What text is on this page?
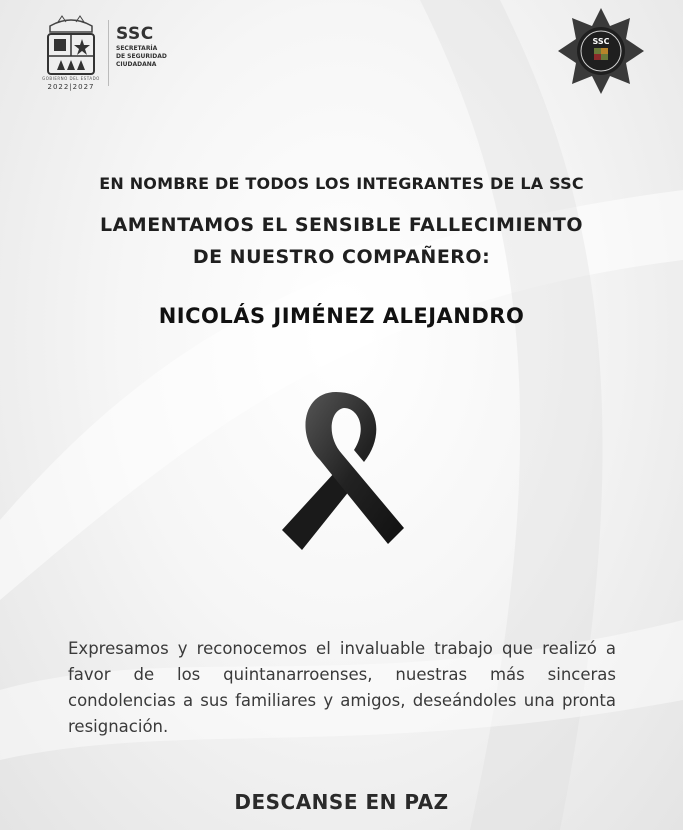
GOBIERNO DEL ESTADO
2022|2027
SSC
SECRETARÍA
DE SEGURIDAD
CIUDADANA
SSC
EN NOMBRE DE TODOS LOS INTEGRANTES DE LA SSC
LAMENTAMOS EL SENSIBLE FALLECIMIENTO
DE NUESTRO COMPAÑERO:
NICOLÁS JIMÉNEZ ALEJANDRO
Expresamos y reconocemos el invaluable trabajo que realizó a favor de los quintanarroenses, nuestras más sinceras condolencias a sus familiares y amigos, deseándoles una pronta resignación.
DESCANSE EN PAZ
